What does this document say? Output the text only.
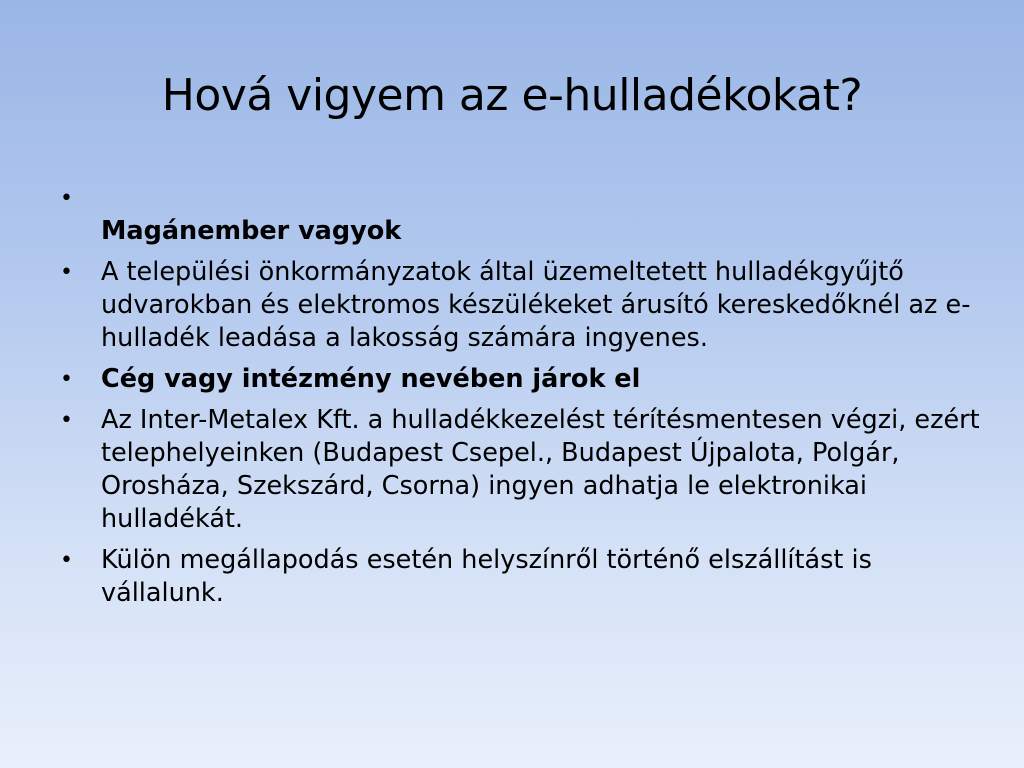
Hová vigyem az e-hulladékokat?
•
Magánember vagyok
• A települési önkormányzatok által üzemeltetett hulladékgyűjtő udvarokban és elektromos készülékeket árusító kereskedőknél az e-hulladék leadása a lakosság számára ingyenes.
• Cég vagy intézmény nevében járok el
• Az Inter-Metalex Kft. a hulladékkezelést térítésmentesen végzi, ezért telephelyeinken (Budapest Csepel., Budapest Újpalota, Polgár, Orosháza, Szekszárd, Csorna) ingyen adhatja le elektronikai hulladékát.
• Külön megállapodás esetén helyszínről történő elszállítást is vállalunk.
